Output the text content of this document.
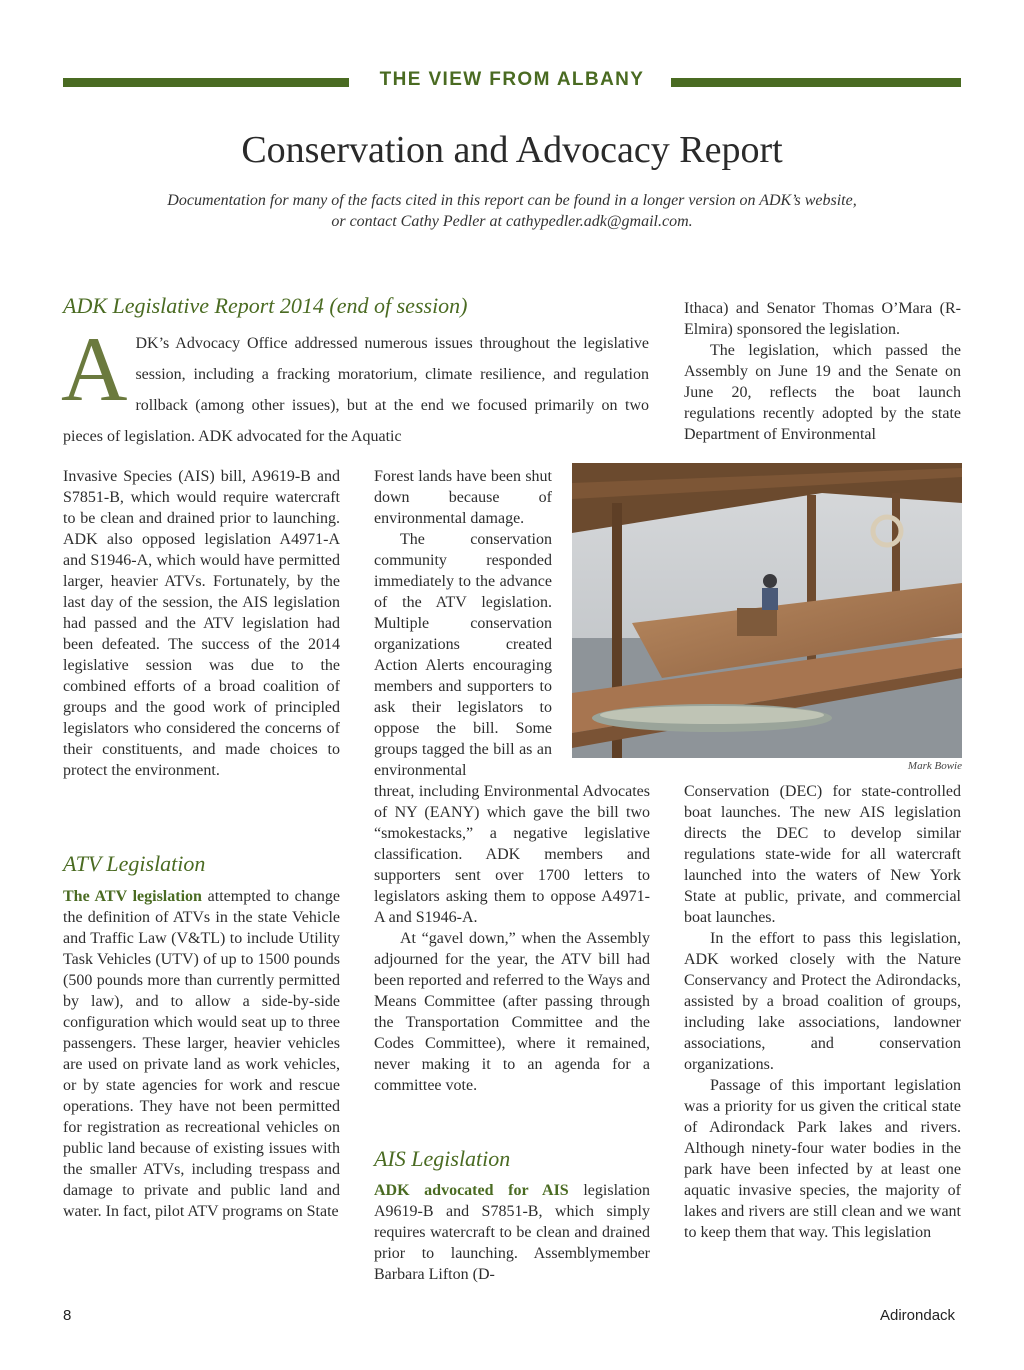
THE VIEW FROM ALBANY
Conservation and Advocacy Report
Documentation for many of the facts cited in this report can be found in a longer version on ADK’s website,
or contact Cathy Pedler at cathypedler.adk@gmail.com.
ADK Legislative Report 2014 (end of session)
ADK’s Advocacy Office addressed numerous issues throughout the legislative session, including a fracking moratorium, climate resilience, and regulation rollback (among other issues), but at the end we focused primarily on two pieces of legislation. ADK advocated for the Aquatic

Invasive Species (AIS) bill, A9619-B and S7851-B, which would require watercraft to be clean and drained prior to launching. ADK also opposed legislation A4971-A and S1946-A, which would have permitted larger, heavier ATVs. Fortunately, by the last day of the session, the AIS legislation had passed and the ATV legislation had been defeated. The success of the 2014 legislative session was due to the combined efforts of a broad coalition of groups and the good work of principled legislators who considered the concerns of their constituents, and made choices to protect the environment.

ATV Legislation

The ATV legislation attempted to change the definition of ATVs in the state Vehicle and Traffic Law (V&TL) to include Utility Task Vehicles (UTV) of up to 1500 pounds (500 pounds more than currently permitted by law), and to allow a side-by-side configuration which would seat up to three passengers. These larger, heavier vehicles are used on private land as work vehicles, or by state agencies for work and rescue operations. They have not been permitted for registration as recreational vehicles on public land because of existing issues with the smaller ATVs, including trespass and damage to private and public land and water. In fact, pilot ATV programs on State

Forest lands have been shut down because of environmental damage.

The conservation community responded immediately to the advance of the ATV legislation. Multiple conservation organizations created Action Alerts encouraging members and supporters to ask their legislators to oppose the bill. Some groups tagged the bill as an environmental

threat, including Environmental Advocates of NY (EANY) which gave the bill two “smokestacks,” a negative legislative classification. ADK members and supporters sent over 1700 letters to legislators asking them to oppose A4971-A and S1946-A.

At “gavel down,” when the Assembly adjourned for the year, the ATV bill had been reported and referred to the Ways and Means Committee (after passing through the Transportation Committee and the Codes Committee), where it remained, never making it to an agenda for a committee vote.

AIS Legislation

ADK advocated for AIS legislation A9619-B and S7851-B, which simply requires watercraft to be clean and drained prior to launching. Assemblymember Barbara Lifton (D-

Ithaca) and Senator Thomas O’Mara (R-Elmira) sponsored the legislation.

The legislation, which passed the Assembly on June 19 and the Senate on June 20, reflects the boat launch regulations recently adopted by the state Department of Environmental

Mark Bowie

Conservation (DEC) for state-controlled boat launches. The new AIS legislation directs the DEC to develop similar regulations state-wide for all watercraft launched into the waters of New York State at public, private, and commercial boat launches.

In the effort to pass this legislation, ADK worked closely with the Nature Conservancy and Protect the Adirondacks, assisted by a broad coalition of groups, including lake associations, landowner associations, and conservation organizations.

Passage of this important legislation was a priority for us given the critical state of Adirondack Park lakes and rivers. Although ninety-four water bodies in the park have been infected by at least one aquatic invasive species, the majority of lakes and rivers are still clean and we want to keep them that way. This legislation

8	Adirondack
